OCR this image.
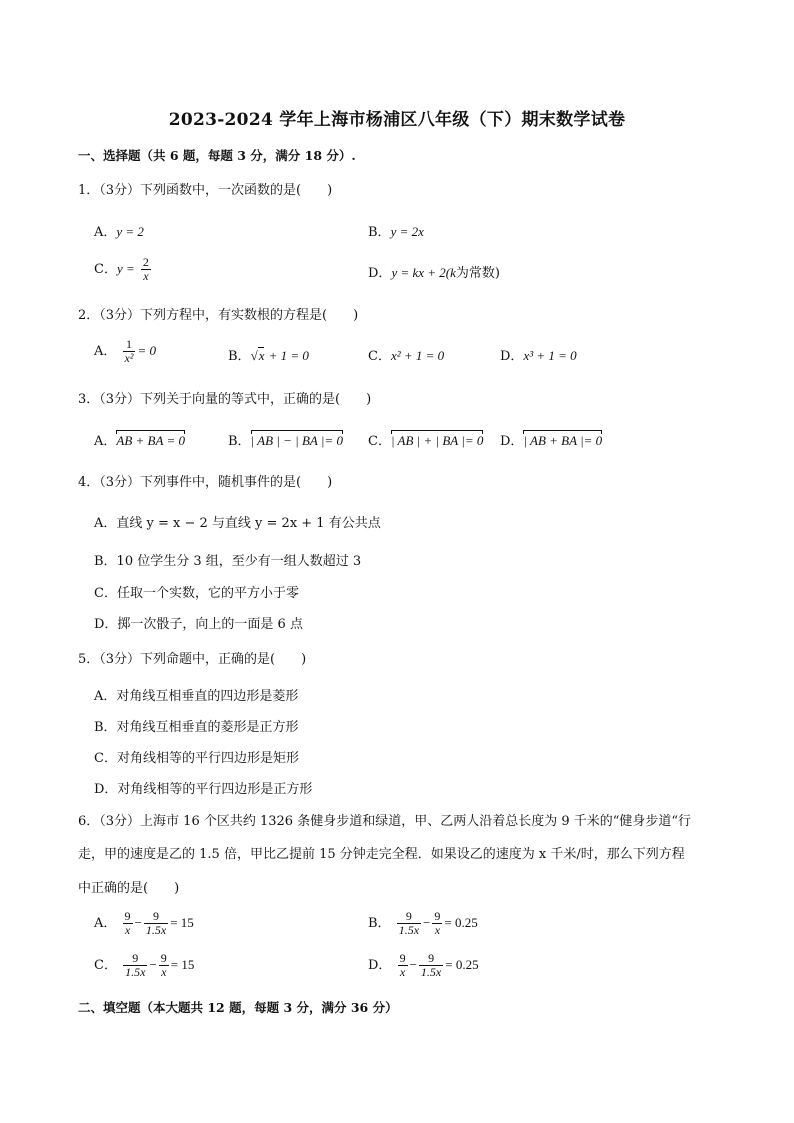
2023-2024 学年上海市杨浦区八年级（下）期末数学试卷
一、选择题（共 6 题，每题 3 分，满分 18 分）.
1．（3分）下列函数中，一次函数的是(　　)
A．y = 2	B．y = 2x
C．$y = \frac{2}{x}$	D．y = kx + 2(k为常数)
2．（3分）下列方程中，有实数根的方程是(　　)
A． $\frac{1}{\text{x²}} = 0$	B．√x + 1 = 0	C．x² + 1 = 0	D．x³ + 1 = 0
3．（3分）下列关于向量的等式中，正确的是(　　)
A．AB + BA = 0	B．| AB | − | BA |= 0 C．| AB | + | BA |= 0 D．| AB + BA |= 0
4．（3分）下列事件中，随机事件的是(　　)
A．直线 y = x − 2 与直线 y = 2x + 1 有公共点
B．10 位学生分 3 组，至少有一组人数超过 3
C．任取一个实数，它的平方小于零
D．掷一次骰子，向上的一面是 6 点
5．（3分）下列命题中，正确的是(　　)
A．对角线互相垂直的四边形是菱形
B．对角线互相垂直的菱形是正方形
C．对角线相等的平行四边形是矩形
D．对角线相等的平行四边形是正方形
6．（3分）上海市 16 个区共约 1326 条健身步道和绿道，甲、乙两人沿着总长度为 9 千米的“健身步道“行
走，甲的速度是乙的 1.5 倍，甲比乙提前 15 分钟走完全程．如果设乙的速度为 x 千米/时，那么下列方程
中正确的是(　　)
A． $\frac{9}{x} - \frac{9}{1.5x} = 15$	B． $\frac{9}{1.5x} - \frac{9}{x} = 0.25$
C． $\frac{9}{1.5x} - \frac{9}{x} = 15$	D． $\frac{9}{x} - \frac{9}{1.5x} = 0.25$
二、填空题（本大题共 12 题，每题 3 分，满分 36 分）
